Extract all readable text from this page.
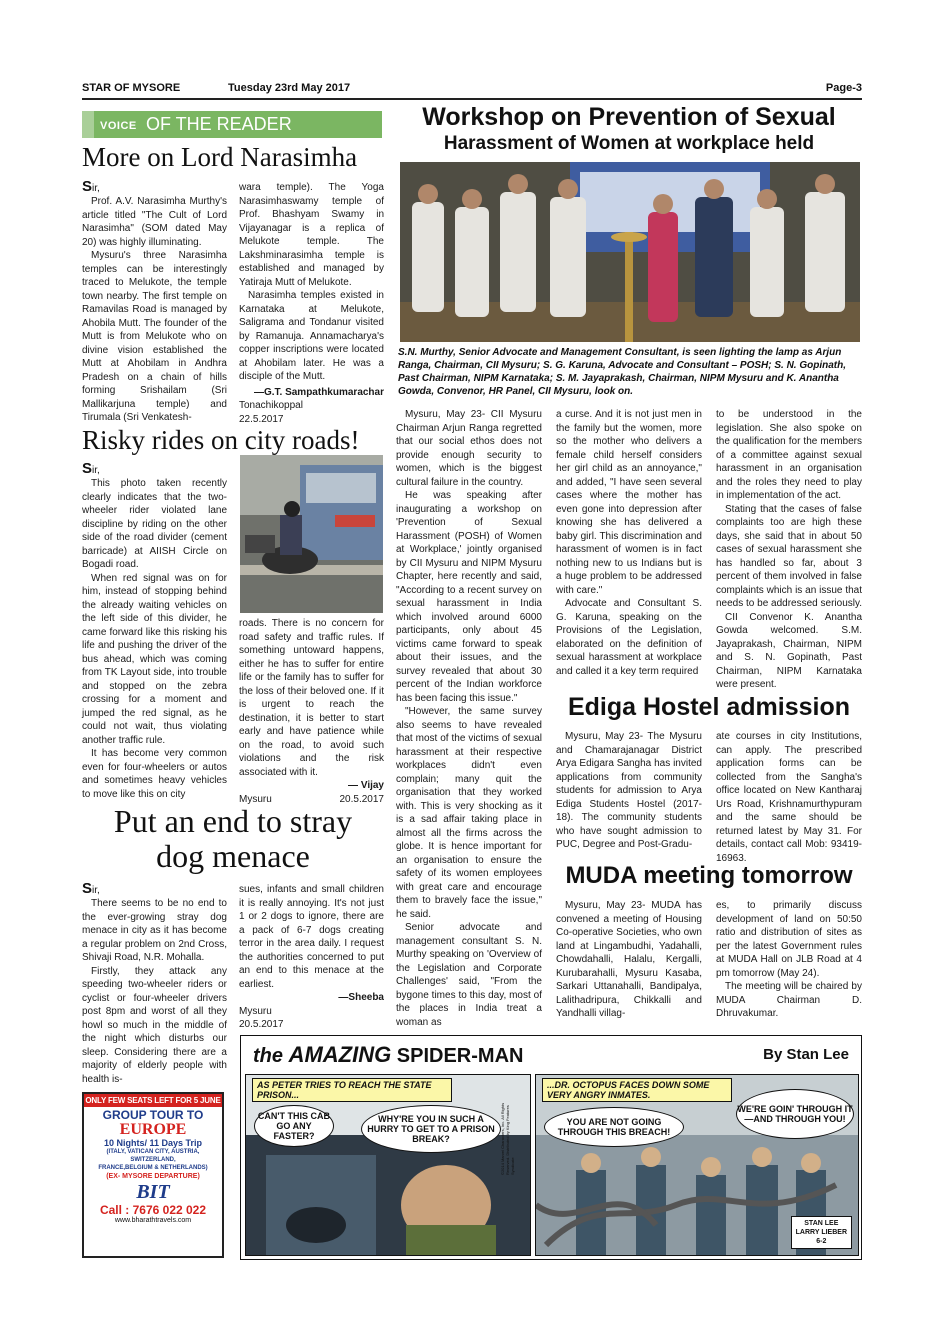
STAR OF MYSORE	Tuesday 23rd May 2017	Page-3
VOICE OF THE READER
More on Lord Narasimha
Sir,

Prof. A.V. Narasimha Murthy's article titled "The Cult of Lord Narasimha" (SOM dated May 20) was highly illuminating.

Mysuru's three Narasimha temples can be interestingly traced to Melukote, the temple town nearby. The first temple on Ramavilas Road is managed by Ahobila Mutt. The founder of the Mutt is from Melukote who on divine vision established the Mutt at Ahobilam in Andhra Pradesh on a chain of hills forming Srishailam (Sri Mallikarjuna temple) and Tirumala (Sri Venkatesh-

wara temple). The Yoga Narasimhaswamy temple of Prof. Bhashyam Swamy in Vijayanagar is a replica of Melukote temple. The Lakshminarasimha temple is established and managed by Yatiraja Mutt of Melukote.

Narasimha temples existed in Karnataka at Melukote, Saligrama and Tondanur visited by Ramanuja. Annamacharya's copper inscriptions were located at Ahobilam later. He was a disciple of the Mutt.

—G.T. Sampathkumarachar
Tonachikoppal
22.5.2017
Risky rides on city roads!
Sir,

This photo taken recently clearly indicates that the two-wheeler rider violated lane discipline by riding on the other side of the road divider (cement barricade) at AIISH Circle on Bogadi road.

When red signal was on for him, instead of stopping behind the already waiting vehicles on the left side of this divider, he came forward like this risking his life and pushing the driver of the bus ahead, which was coming from TK Layout side, into trouble and stopped on the zebra crossing for a moment and jumped the red signal, as he could not wait, thus violating another traffic rule.

It has become very common even for four-wheelers or autos and sometimes heavy vehicles to move like this on city

roads. There is no concern for road safety and traffic rules. If something untoward happens, either he has to suffer for entire life or the family has to suffer for the loss of their beloved one. If it is urgent to reach the destination, it is better to start early and have patience while on the road, to avoid such violations and the risk associated with it.

— Vijay
Mysuru	20.5.2017
Put an end to stray
dog menace
Sir,

There seems to be no end to the ever-growing stray dog menace in city as it has become a regular problem on 2nd Cross, Shivaji Road, N.R. Mohalla.

Firstly, they attack any speeding two-wheeler riders or cyclist or four-wheeler drivers post 8pm and worst of all they howl so much in the middle of the night which disturbs our sleep. Considering there are a majority of elderly people with health is-

sues, infants and small children it is really annoying. It's not just 1 or 2 dogs to ignore, there are a pack of 6-7 dogs creating terror in the area daily. I request the authorities concerned to put an end to this menace at the earliest.

—Sheeba
Mysuru
20.5.2017
ONLY FEW SEATS LEFT FOR 5 JUNE
GROUP TOUR TO
EUROPE
10 Nights/ 11 Days Trip
(ITALY, VATICAN CITY, AUSTRIA, SWITZERLAND,
FRANCE,BELGIUM & NETHERLANDS)
(EX- MYSORE DEPARTURE)
BIT
Call : 7676 022 022
www.bharathtravels.com
Workshop on Prevention of Sexual
Harassment of Women at workplace held
S.N. Murthy, Senior Advocate and Management Consultant, is seen lighting the lamp as Arjun Ranga, Chairman, CII Mysuru; S. G. Karuna, Advocate and Consultant – POSH; S. N. Gopinath, Past Chairman, NIPM Karnataka; S. M. Jayaprakash, Chairman, NIPM Mysuru and K. Anantha Gowda, Convenor, HR Panel, CII Mysuru, look on.

Mysuru, May 23- CII Mysuru Chairman Arjun Ranga regretted that our social ethos does not provide enough security to women, which is the biggest cultural failure in the country.

He was speaking after inaugurating a workshop on 'Prevention of Sexual Harassment (POSH) of Women at Workplace,' jointly organised by CII Mysuru and NIPM Mysuru Chapter, here recently and said, "According to a recent survey on sexual harassment in India which involved around 6000 participants, only about 45 victims came forward to speak about their issues, and the survey revealed that about 30 percent of the Indian workforce has been facing this issue."

"However, the same survey also seems to have revealed that most of the victims of sexual harassment at their respective workplaces didn't even complain; many quit the organisation that they worked with. This is very shocking as it is a sad affair taking place in almost all the firms across the globe. It is hence important for an organisation to ensure the safety of its women employees with great care and encourage them to bravely face the issue," he said.

Senior advocate and management consultant S. N. Murthy speaking on 'Overview of the Legislation and Corporate Challenges' said, "From the bygone times to this day, most of the places in India treat a woman as

a curse. And it is not just men in the family but the women, more so the mother who delivers a female child herself considers her girl child as an annoyance," and added, "I have seen several cases where the mother has even gone into depression after knowing she has delivered a baby girl. This discrimination and harassment of women is in fact nothing new to us Indians but is a huge problem to be addressed with care."

Advocate and Consultant S. G. Karuna, speaking on the Provisions of the Legislation, elaborated on the definition of sexual harassment at workplace and called it a key term required

to be understood in the legislation. She also spoke on the qualification for the members of a committee against sexual harassment in an organisation and the roles they need to play in implementation of the act.

Stating that the cases of false complaints too are high these days, she said that in about 50 cases of sexual harassment she has handled so far, about 3 percent of them involved in false complaints which is an issue that needs to be addressed seriously.

CII Convenor K. Anantha Gowda welcomed. S.M. Jayaprakash, Chairman, NIPM and S. N. Gopinath, Past Chairman, NIPM Karnataka were present.

Ediga Hostel admission

Mysuru, May 23- The Mysuru and Chamarajanagar District Arya Edigara Sangha has invited applications from community students for admission to Arya Ediga Students Hostel (2017-18). The community students who have sought admission to PUC, Degree and Post-Gradu-

ate courses in city Institutions, can apply. The prescribed application forms can be collected from the Sangha's office located on New Kantharaj Urs Road, Krishnamurthypuram and the same should be returned latest by May 31. For details, contact call Mob: 93419-16963.

MUDA meeting tomorrow

Mysuru, May 23- MUDA has convened a meeting of Housing Co-operative Societies, who own land at Lingambudhi, Yadahalli, Chowdahalli, Halalu, Kergalli, Kurubarahalli, Mysuru Kasaba, Sarkari Uttanahalli, Bandipalya, Lalithadripura, Chikkalli and Yandhalli villag-

es, to primarily discuss development of land on 50:50 ratio and distribution of sites as per the latest Government rules at MUDA Hall on JLB Road at 4 pm tomorrow (May 24).

The meeting will be chaired by MUDA Chairman D. Dhruvakumar.

the AMAZING SPIDER-MAN	By Stan Lee
AS PETER TRIES TO REACH THE STATE PRISON...
CAN'T THIS CAB GO ANY FASTER?
WHY'RE YOU IN SUCH A HURRY TO GET TO A PRISON BREAK?	©2014 Marvel Characters, Inc. All Rights Reserved. Distributed by King Features Syndicate
...DR. OCTOPUS FACES DOWN SOME VERY ANGRY INMATES.
YOU ARE NOT GOING THROUGH THIS BREACH!
WE'RE GOIN' THROUGH IT—AND THROUGH YOU!
STAN LEE
LARRY LIEBER
6-2
